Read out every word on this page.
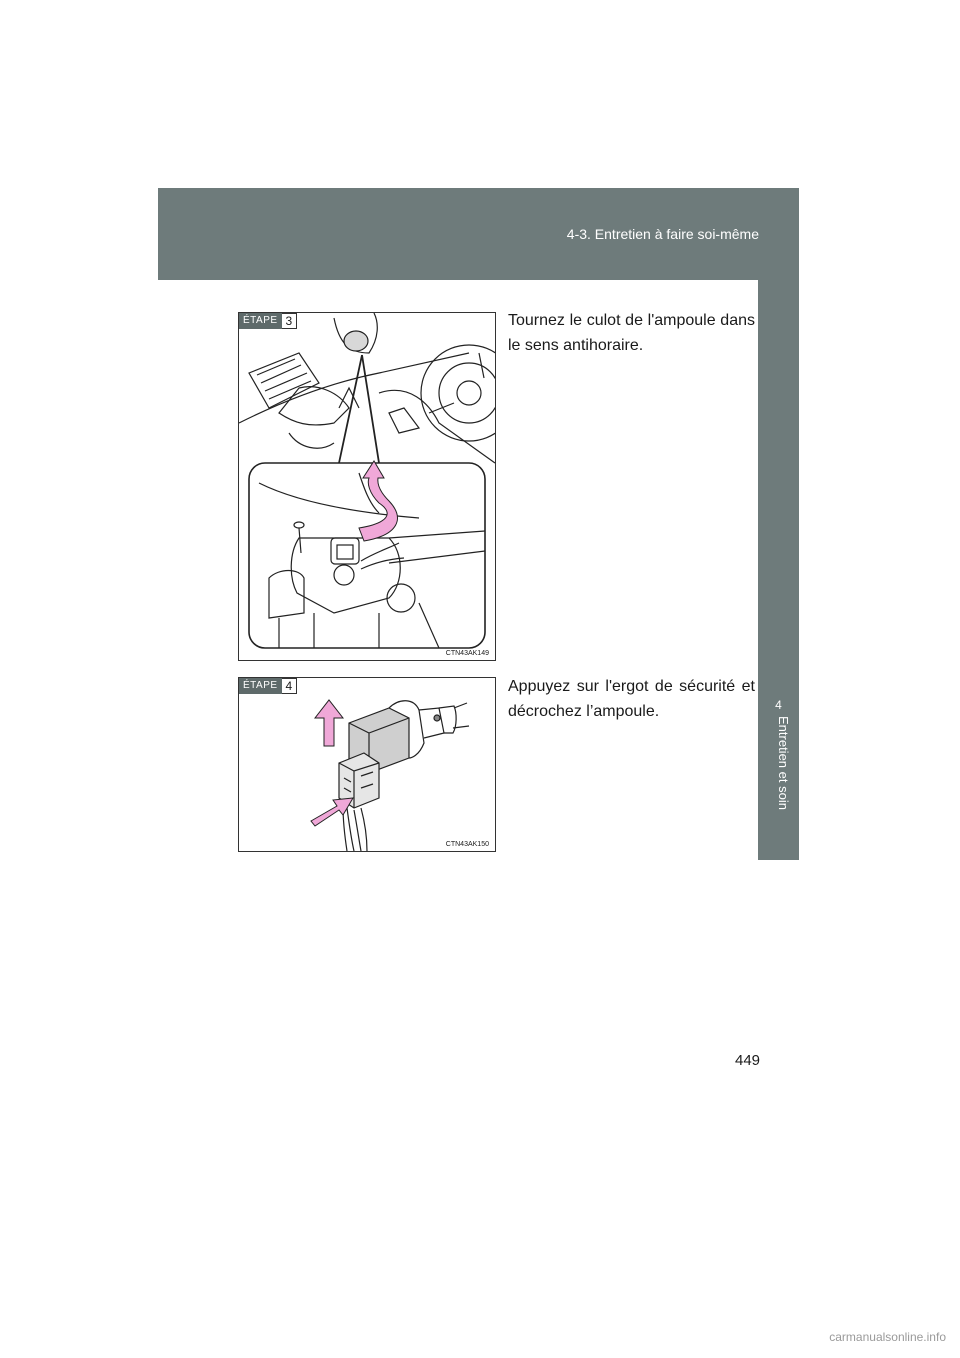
4-3. Entretien à faire soi-même
4
Entretien et soin
ÉTAPE 3
CTN43AK149
Tournez le culot de l'ampoule dans le sens antihoraire.
ÉTAPE 4
CTN43AK150
Appuyez sur l'ergot de sécurité et décrochez l’ampoule.
449
carmanualsonline.info
